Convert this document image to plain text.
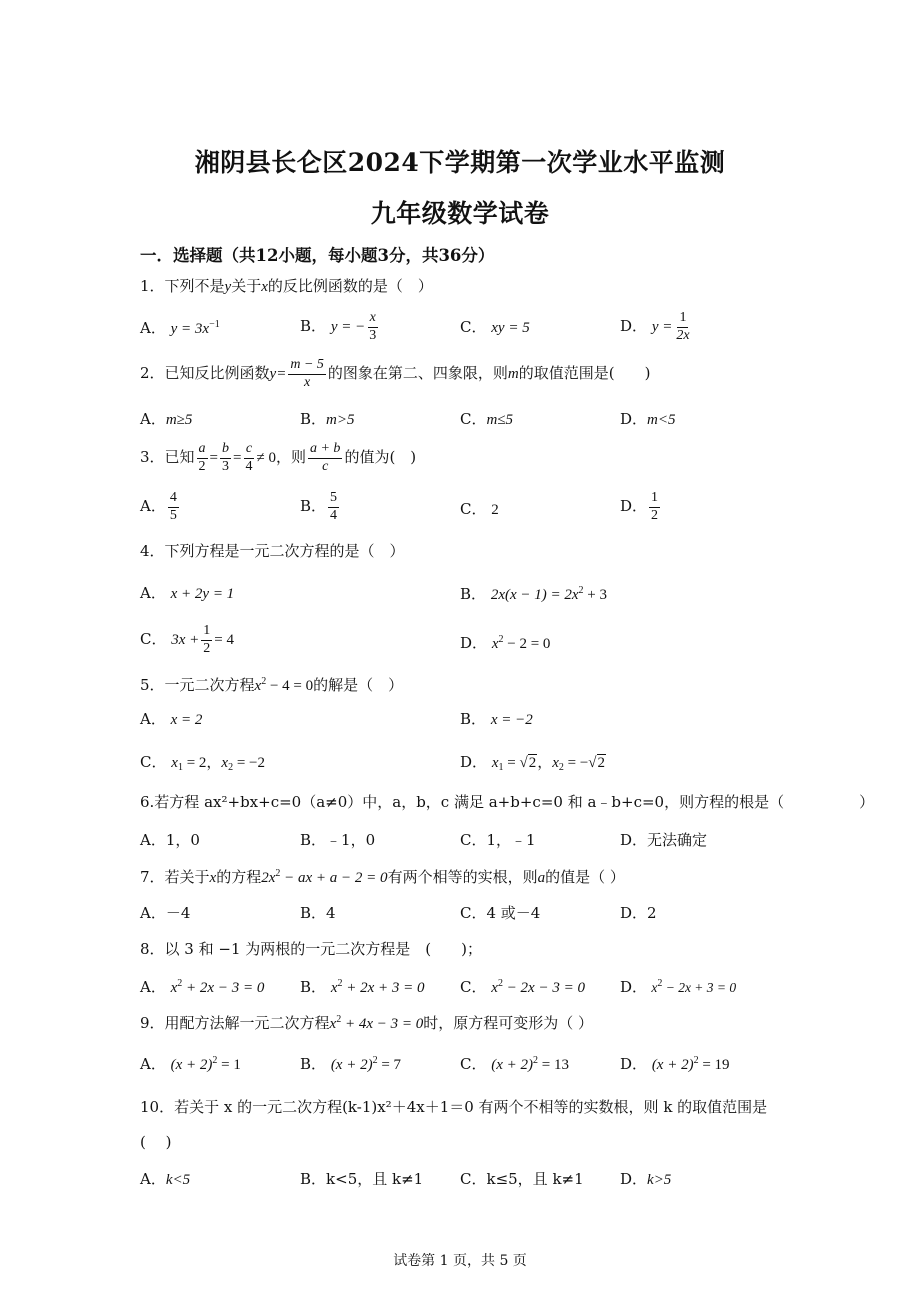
湘阴县长仑区2024下学期第一次学业水平监测
九年级数学试卷
一．选择题（共12小题，每小题3分，共36分）
1．下列不是y关于x的反比例函数的是（　）
A． $y = 3x^{-1}$	B． y = − $\frac{x}{3}$	C． xy = 5	D． $y = \frac{1}{2x}$
2．已知反比例函数$y= \frac{m - 5}{x}$ 的图象在第二、四象限，则m的取值范围是(　　)
A．m≥5	B．m>5	C．m≤5	D．m<5
3．已知 $\frac{a}{2} = \frac{b}{3} = \frac{c}{4} \ne 0$，则 $\frac{a + b}{c}$ 的值为(　)
A． $\frac{4}{5}$	B． $\frac{5}{4}$	C． 2	D． $\frac{1}{2}$
4．下列方程是一元二次方程的是（　）
A． x + 2y = 1	B． $2x(x - 1) = 2x^2 + 3$
C． $3x + \frac{1}{2} = 4$	D． $x^2 - 2 = 0$
5．一元二次方程$x^2 - 4 = 0$的解是（　）
A． x = 2	B． x = −2
C． $x_1 = 2$，$x_2 = -2$	D． $x_1 = √2$，$x_2 = -√2$
6.若方程 ax²+bx+c=0（a≠0）中，a，b，c 满足 a+b+c=0 和 a﹣b+c=0，则方程的根是（　　　　　）
A．1，0	B．﹣1，0	C．1，﹣1	D．无法确定
7．若关于x的方程$2x^2$ − ax + a − 2 = 0有两个相等的实根，则a的值是（ ）
A．－4	B．4	C．4 或－4	D．2
8．以 3 和 −1 为两根的一元二次方程是　(　　)；
A． $x^2 + 2x - 3 = 0$ B． $x^2 + 2x + 3 = 0$ C． $x^2 - 2x - 3 = 0$ D． $x^2 - 2x + 3 = 0$
9．用配方法解一元二次方程$x^2 + 4x - 3 = 0$时，原方程可变形为（ ）
A． $(x + 2)^2 = 1$	B． $(x + 2)^2 = 7$	C． $(x + 2)^2 = 13$	D． $(x + 2)^2 = 19$
10．若关于 x 的一元二次方程(k-1)x²＋4x＋1＝0 有两个不相等的实数根，则 k 的取值范围是
(　 )
A．k<5	B．k<5，且 k≠1 C．k≤5，且 k≠1 D．k>5
试卷第 1 页，共 5 页
